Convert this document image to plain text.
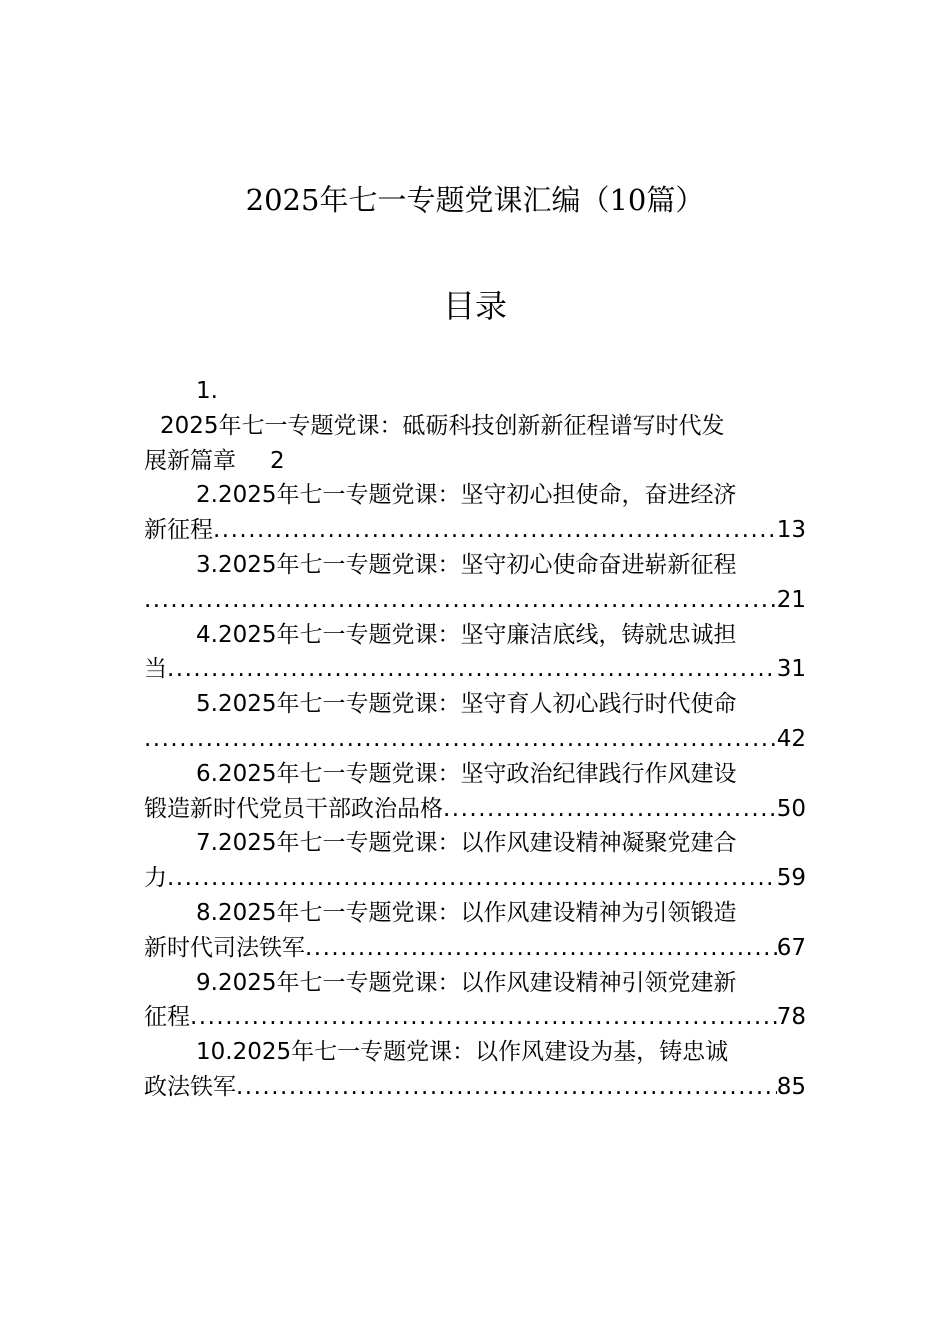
2025年七一专题党课汇编（10篇）
目录
1.
2025年七一专题党课：砥砺科技创新新征程谱写时代发
展新篇章 2
2.2025年七一专题党课：坚守初心担使命，奋进经济
新征程 .....	13
3.2025年七一专题党课：坚守初心使命奋进崭新征程
.....
21
4.2025年七一专题党课：坚守廉洁底线，铸就忠诚担
当 .....	31
5.2025年七一专题党课：坚守育人初心践行时代使命
.....
42
6.2025年七一专题党课：坚守政治纪律践行作风建设
锻造新时代党员干部政治品格 .....	50
7.2025年七一专题党课：以作风建设精神凝聚党建合
力 .....	59
8.2025年七一专题党课：以作风建设精神为引领锻造
新时代司法铁军 .....	67
9.2025年七一专题党课：以作风建设精神引领党建新
征程 .....	78
10.2025年七一专题党课：以作风建设为基，铸忠诚
政法铁军 .....	85
